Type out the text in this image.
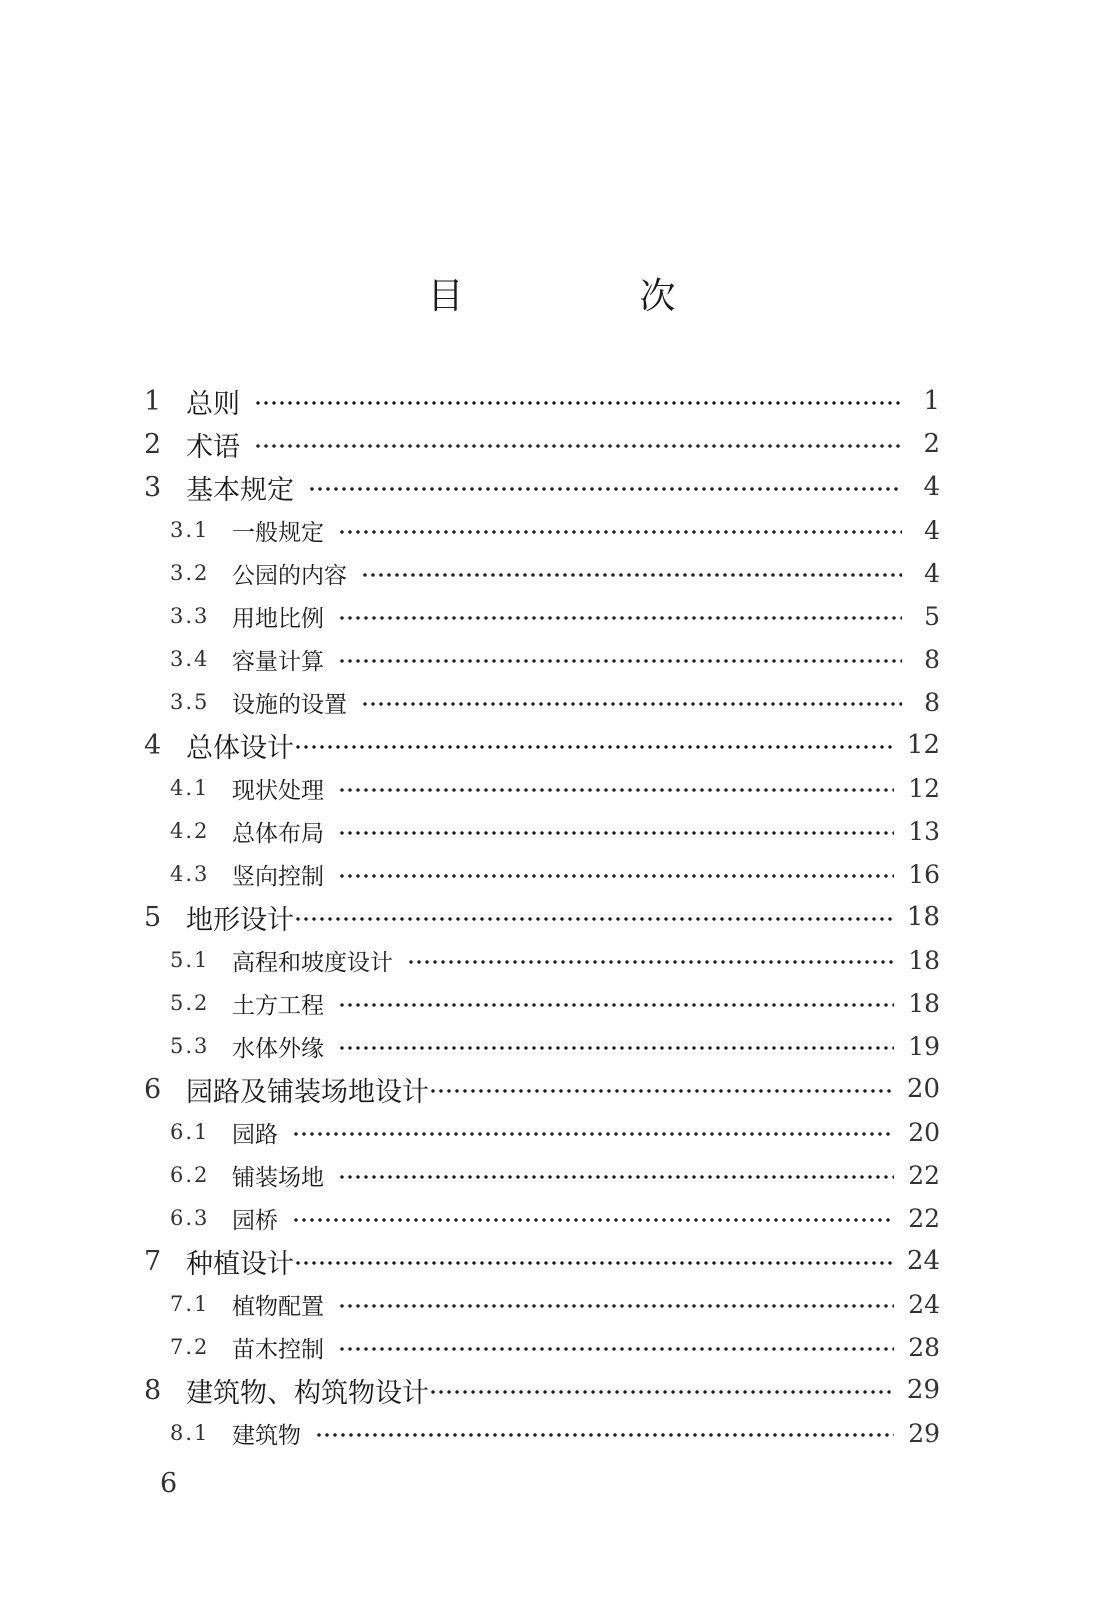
目　次
1 总则	1
2 术语	2
3 基本规定	4
3.1 一般规定	4
3.2 公园的内容	4
3.3 用地比例	5
3.4 容量计算	8
3.5 设施的设置	8
4 总体设计	12
4.1 现状处理	12
4.2 总体布局	13
4.3 竖向控制	16
5 地形设计	18
5.1 高程和坡度设计	18
5.2 土方工程	18
5.3 水体外缘	19
6 园路及铺装场地设计	20
6.1 园路	20
6.2 铺装场地	22
6.3 园桥	22
7 种植设计	24
7.1 植物配置	24
7.2 苗木控制	28
8 建筑物、构筑物设计	29
8.1 建筑物	29
6
